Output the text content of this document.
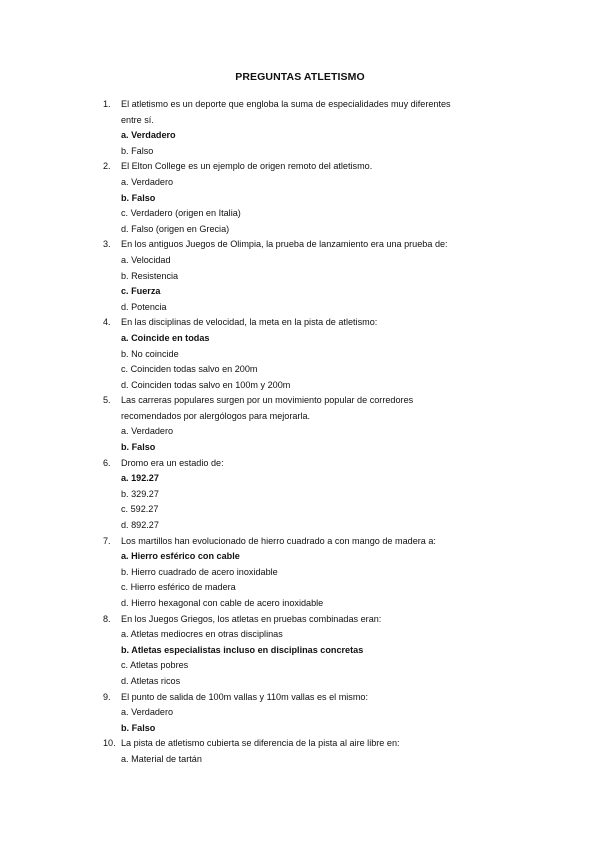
PREGUNTAS ATLETISMO
1. El atletismo es un deporte que engloba la suma de especialidades muy diferentes
entre sí.
a. Verdadero
b. Falso
2. El Elton College es un ejemplo de origen remoto del atletismo.
a. Verdadero
b. Falso
c. Verdadero (origen en Italia)
d. Falso (origen en Grecia)
3. En los antiguos Juegos de Olimpia, la prueba de lanzamiento era una prueba de:
a. Velocidad
b. Resistencia
c. Fuerza
d. Potencia
4. En las disciplinas de velocidad, la meta en la pista de atletismo:
a. Coincide en todas
b. No coincide
c. Coinciden todas salvo en 200m
d. Coinciden todas salvo en 100m y 200m
5. Las carreras populares surgen por un movimiento popular de corredores
recomendados por alergólogos para mejorarla.
a. Verdadero
b. Falso
6. Dromo era un estadio de:
a. 192.27
b. 329.27
c. 592.27
d. 892.27
7. Los martillos han evolucionado de hierro cuadrado a con mango de madera a:
a. Hierro esférico con cable
b. Hierro cuadrado de acero inoxidable
c. Hierro esférico de madera
d. Hierro hexagonal con cable de acero inoxidable
8. En los Juegos Griegos, los atletas en pruebas combinadas eran:
a. Atletas mediocres en otras disciplinas
b. Atletas especialistas incluso en disciplinas concretas
c. Atletas pobres
d. Atletas ricos
9. El punto de salida de 100m vallas y 110m vallas es el mismo:
a. Verdadero
b. Falso
10. La pista de atletismo cubierta se diferencia de la pista al aire libre en:
a. Material de tartán
